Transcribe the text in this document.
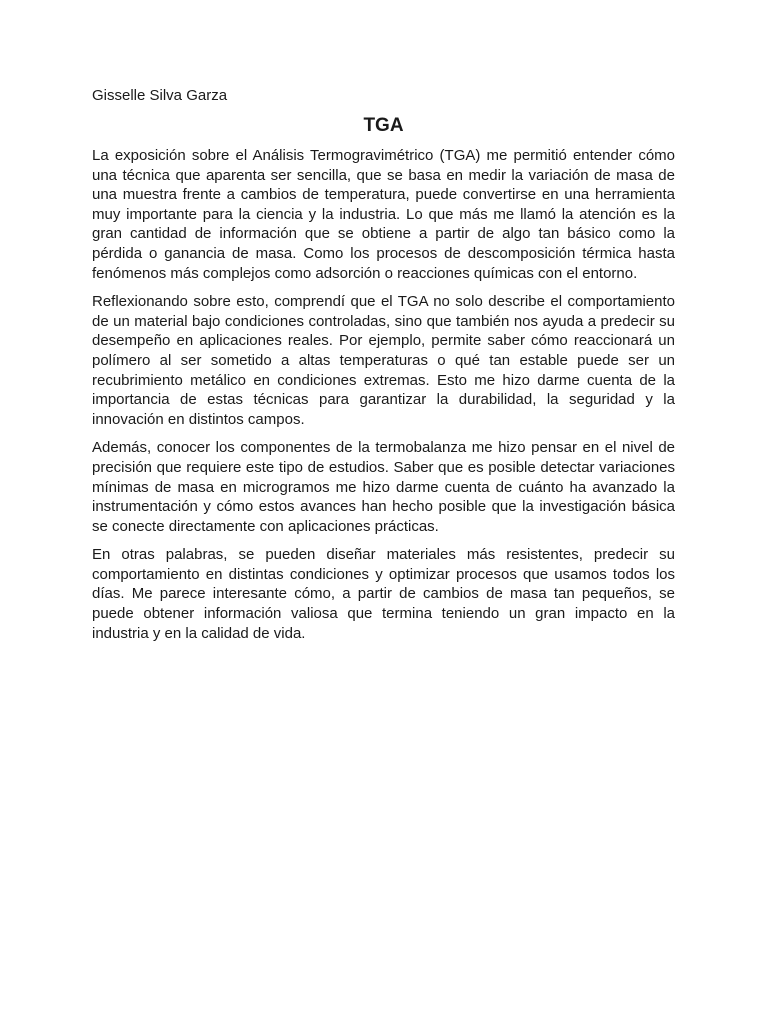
Gisselle Silva Garza

TGA

La exposición sobre el Análisis Termogravimétrico (TGA) me permitió entender cómo una técnica que aparenta ser sencilla, que se basa en medir la variación de masa de una muestra frente a cambios de temperatura, puede convertirse en una herramienta muy importante para la ciencia y la industria. Lo que más me llamó la atención es la gran cantidad de información que se obtiene a partir de algo tan básico como la pérdida o ganancia de masa. Como los procesos de descomposición térmica hasta fenómenos más complejos como adsorción o reacciones químicas con el entorno.

Reflexionando sobre esto, comprendí que el TGA no solo describe el comportamiento de un material bajo condiciones controladas, sino que también nos ayuda a predecir su desempeño en aplicaciones reales. Por ejemplo, permite saber cómo reaccionará un polímero al ser sometido a altas temperaturas o qué tan estable puede ser un recubrimiento metálico en condiciones extremas. Esto me hizo darme cuenta de la importancia de estas técnicas para garantizar la durabilidad, la seguridad y la innovación en distintos campos.

Además, conocer los componentes de la termobalanza me hizo pensar en el nivel de precisión que requiere este tipo de estudios. Saber que es posible detectar variaciones mínimas de masa en microgramos me hizo darme cuenta de cuánto ha avanzado la instrumentación y cómo estos avances han hecho posible que la investigación básica se conecte directamente con aplicaciones prácticas.

En otras palabras, se pueden diseñar materiales más resistentes, predecir su comportamiento en distintas condiciones y optimizar procesos que usamos todos los días. Me parece interesante cómo, a partir de cambios de masa tan pequeños, se puede obtener información valiosa que termina teniendo un gran impacto en la industria y en la calidad de vida.
